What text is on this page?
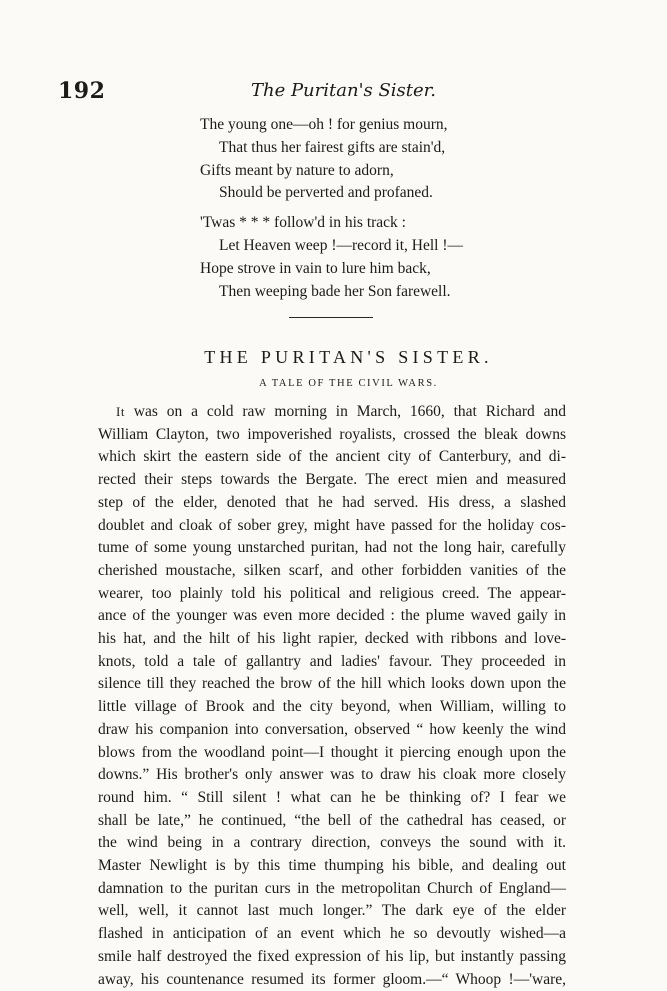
192	The Puritan's Sister.

The young one—oh ! for genius mourn,
That thus her fairest gifts are stain'd,
Gifts meant by nature to adorn,
Should be perverted and profaned.

'Twas * * * follow'd in his track :
Let Heaven weep !—record it, Hell !—
Hope strove in vain to lure him back,
Then weeping bade her Son farewell.

THE PURITAN'S SISTER.
A TALE OF THE CIVIL WARS.
It was on a cold raw morning in March, 1660, that Richard and
William Clayton, two impoverished royalists, crossed the bleak downs
which skirt the eastern side of the ancient city of Canterbury, and di-
rected their steps towards the Bergate. The erect mien and measured
step of the elder, denoted that he had served. His dress, a slashed
doublet and cloak of sober grey, might have passed for the holiday cos-
tume of some young unstarched puritan, had not the long hair, carefully
cherished moustache, silken scarf, and other forbidden vanities of the
wearer, too plainly told his political and religious creed. The appear-
ance of the younger was even more decided : the plume waved gaily in
his hat, and the hilt of his light rapier, decked with ribbons and love-
knots, told a tale of gallantry and ladies' favour. They proceeded in
silence till they reached the brow of the hill which looks down upon the
little village of Brook and the city beyond, when William, willing to
draw his companion into conversation, observed “ how keenly the wind
blows from the woodland point—I thought it piercing enough upon the
downs.” His brother's only answer was to draw his cloak more closely
round him. “ Still silent ! what can he be thinking of? I fear we
shall be late,” he continued, “the bell of the cathedral has ceased, or
the wind being in a contrary direction, conveys the sound with it.
Master Newlight is by this time thumping his bible, and dealing out
damnation to the puritan curs in the metropolitan Church of England—
well, well, it cannot last much longer.” The dark eye of the elder
flashed in anticipation of an event which he so devoutly wished—a
smile half destroyed the fixed expression of his lip, but instantly passing
away, his countenance resumed its former gloom.—“ Whoop !—'ware,
